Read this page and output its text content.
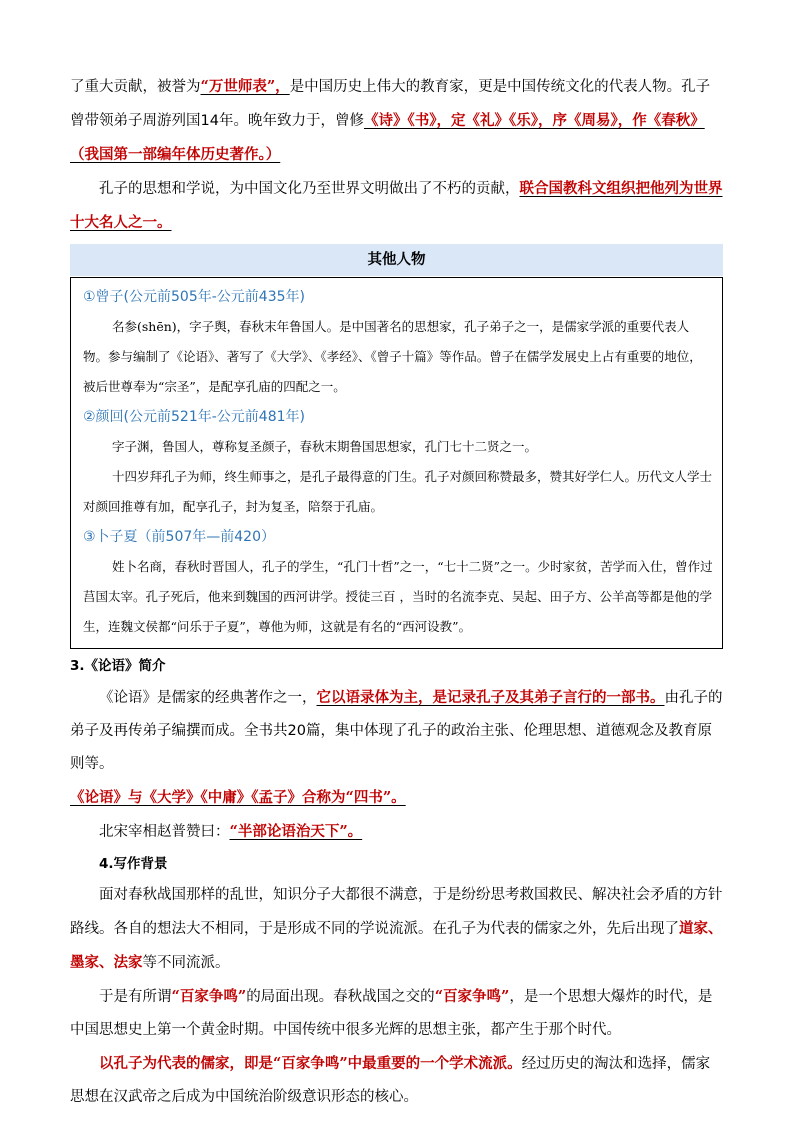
了重大贡献，被誉为“万世师表”，是中国历史上伟大的教育家，更是中国传统文化的代表人物。孔子曾带领弟子周游列国14年。晚年致力于，曾修《诗》《书》，定《礼》《乐》，序《周易》，作《春秋》
（我国第一部编年体历史著作。）

孔子的思想和学说，为中国文化乃至世界文明做出了不朽的贡献，联合国教科文组织把他列为世界十大名人之一。

其他人物
①曾子(公元前505年-公元前435年)

名参(shēn)，字子舆，春秋末年鲁国人。是中国著名的思想家，孔子弟子之一，是儒家学派的重要代表人物。参与编制了《论语》、著写了《大学》、《孝经》、《曾子十篇》等作品。曾子在儒学发展史上占有重要的地位，被后世尊奉为“宗圣”，是配享孔庙的四配之一。

②颜回(公元前521年-公元前481年)

字子渊，鲁国人，尊称复圣颜子，春秋末期鲁国思想家，孔门七十二贤之一。

十四岁拜孔子为师，终生师事之，是孔子最得意的门生。孔子对颜回称赞最多，赞其好学仁人。历代文人学士对颜回推尊有加，配享孔子，封为复圣，陪祭于孔庙。

③卜子夏（前507年—前420）

姓卜名商，春秋时晋国人，孔子的学生，“孔门十哲”之一，“七十二贤”之一。少时家贫，苦学而入仕，曾作过莒国太宰。孔子死后，他来到魏国的西河讲学。授徒三百 ，当时的名流李克、吴起、田子方、公羊高等都是他的学生，连魏文侯都“问乐于子夏”，尊他为师，这就是有名的“西河设教”。

3.《论语》简介

《论语》是儒家的经典著作之一，它以语录体为主，是记录孔子及其弟子言行的一部书。由孔子的弟子及再传弟子编撰而成。全书共20篇，集中体现了孔子的政治主张、伦理思想、道德观念及教育原则等。
《论语》与《大学》《中庸》《孟子》合称为“四书”。

北宋宰相赵普赞曰：“半部论语治天下”。

4.写作背景

面对春秋战国那样的乱世，知识分子大都很不满意，于是纷纷思考救国救民、解决社会矛盾的方针路线。各自的想法大不相同，于是形成不同的学说流派。在孔子为代表的儒家之外，先后出现了道家、墨家、法家等不同流派。

于是有所谓“百家争鸣”的局面出现。春秋战国之交的“百家争鸣”，是一个思想大爆炸的时代，是中国思想史上第一个黄金时期。中国传统中很多光辉的思想主张，都产生于那个时代。

以孔子为代表的儒家，即是“百家争鸣”中最重要的一个学术流派。经过历史的淘汰和选择，儒家思想在汉武帝之后成为中国统治阶级意识形态的核心。
